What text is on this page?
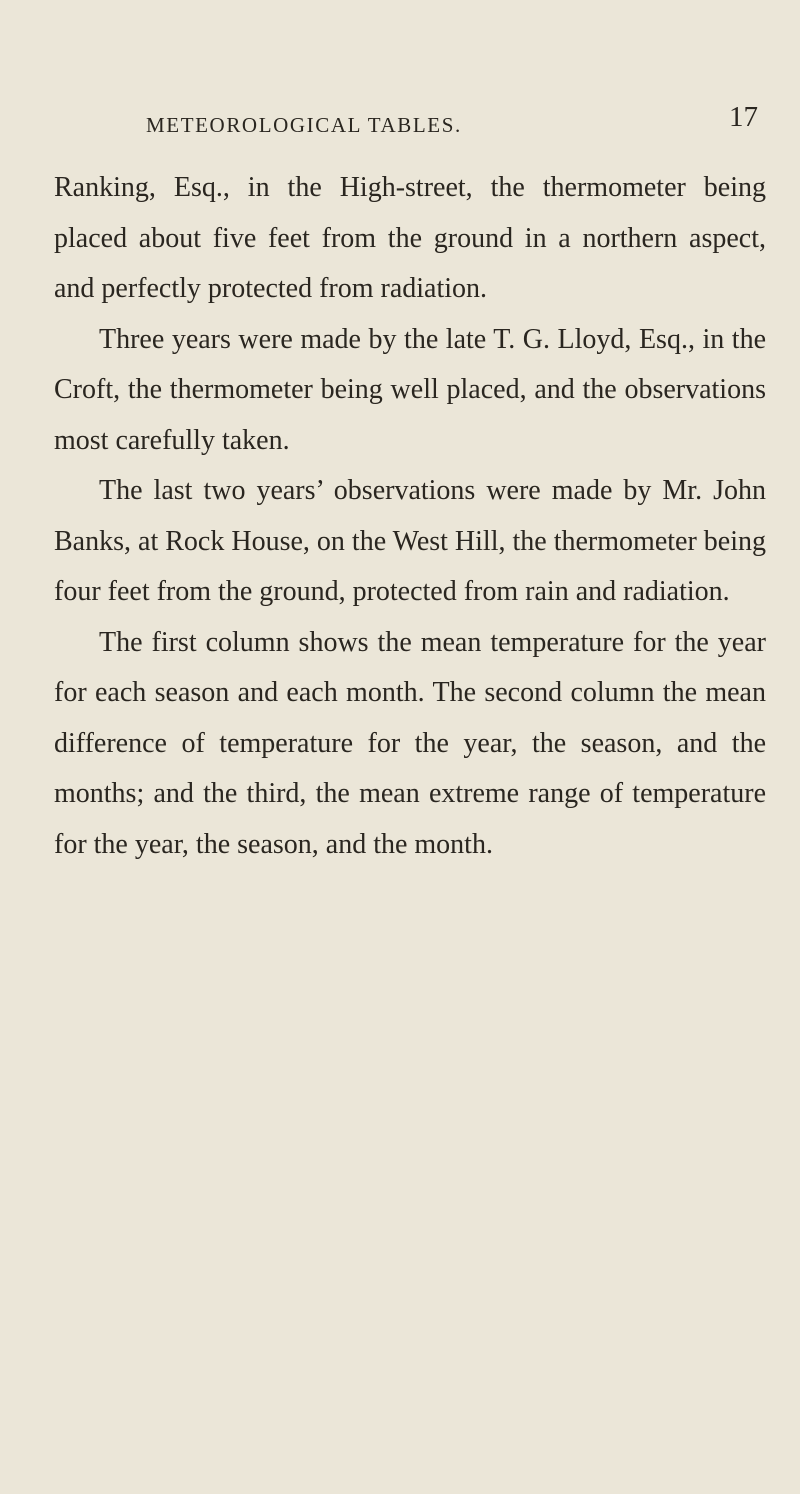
METEOROLOGICAL TABLES.	17

Ranking, Esq., in the High-street, the thermometer being placed about five feet from the ground in a northern aspect, and perfectly protected from radiation.

Three years were made by the late T. G. Lloyd, Esq., in the Croft, the thermometer being well placed, and the observations most carefully taken.

The last two years’ observations were made by Mr. John Banks, at Rock House, on the West Hill, the thermometer being four feet from the ground, protected from rain and radiation.

The first column shows the mean temperature for the year for each season and each month. The second column the mean difference of temperature for the year, the season, and the months; and the third, the mean extreme range of temperature for the year, the season, and the month.
